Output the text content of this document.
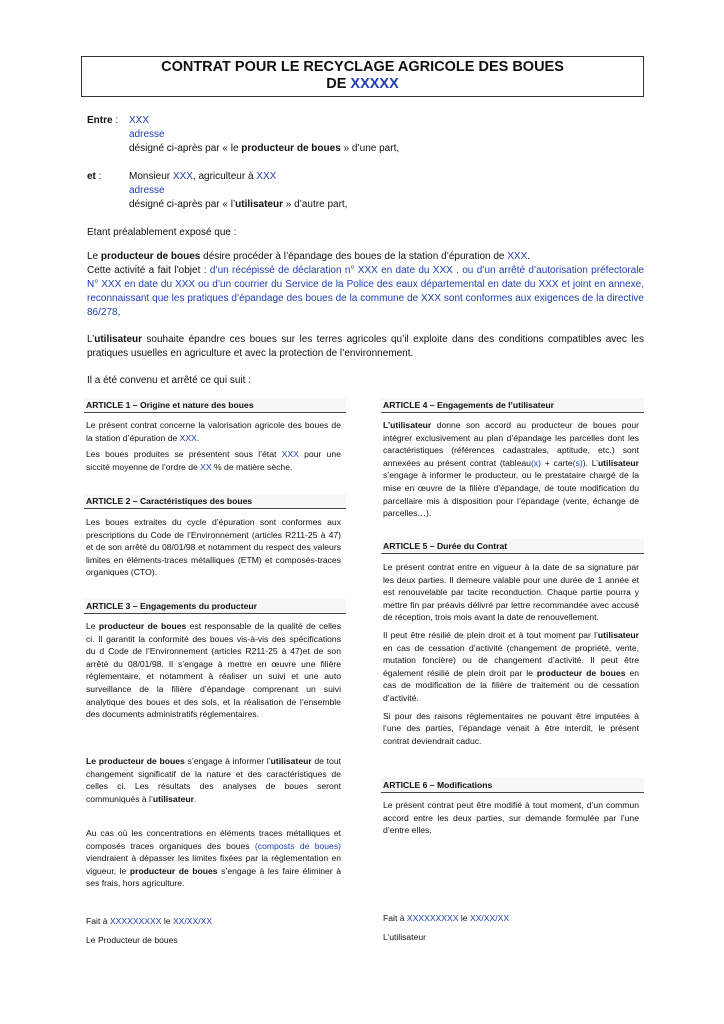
CONTRAT POUR LE RECYCLAGE AGRICOLE DES BOUES
DE XXXXX
Entre : XXX
adresse
désigné ci-après par « le producteur de boues » d’une part,
et :	Monsieur XXX, agriculteur à XXX
adresse
désigné ci-après par « l’utilisateur » d’autre part,
Etant préalablement exposé que :

Le producteur de boues désire procéder à l’épandage des boues de la station d’épuration de XXX.

Cette activité a fait l’objet : d’un récépissé de déclaration n° XXX en date du XXX . ou d’un arrêté d’autorisation préfectorale N° XXX en date du XXX ou d’un courrier du Service de la Police des eaux départemental en date du XXX et joint en annexe, reconnaissant que les pratiques d’épandage des boues de la commune de XXX sont conformes aux exigences de la directive 86/278,

L’utilisateur souhaite épandre ces boues sur les terres agricoles qu’il exploite dans des conditions compatibles avec les pratiques usuelles en agriculture et avec la protection de l’environnement.

Il a été convenu et arrêté ce qui suit :
ARTICLE 1 – Origine et nature des boues

Le présent contrat concerne la valorisation agricole des boues de la station d’épuration de XXX.

Les boues produites se présentent sous l’état XXX pour une siccité moyenne de l’ordre de XX % de matière sèche.

ARTICLE 2 – Caractéristiques des boues
Les boues extraites du cycle d’épuration sont conformes aux prescriptions du Code de l’Environnement (articles R211-25 à 47) et de son arrêté du 08/01/98 et notamment du respect des valeurs limites en éléments-traces métalliques (ETM) et composés-traces organiques (CTO).
ARTICLE 3 – Engagements du producteur

Le producteur de boues est responsable de la qualité de celles ci. Il garantit la conformité des boues vis-à-vis des spécifications du d Code de l’Environnement (articles R211-25 à 47)et de son arrêté du 08/01/98. Il s’engage à mettre en œuvre une filière réglementaire, et notamment à réaliser un suivi et une auto surveillance de la filière d’épandage comprenant un suivi analytique des boues et des sols, et la réalisation de l’ensemble des documents administratifs réglementaires.

Le producteur de boues s’engage à informer l’utilisateur de tout changement significatif de la nature et des caractéristiques de celles ci. Les résultats des analyses de boues seront communiqués à l’utilisateur.

Au cas où les concentrations en éléments traces métalliques et composés traces organiques des boues (composts de boues) viendraient à dépasser les limites fixées par la réglementation en vigueur, le producteur de boues s’engage à les faire éliminer à ses frais, hors agriculture.

Fait à XXXXXXXXX le XX/XX/XX

Le Producteur de boues

ARTICLE 4 – Engagements de l’utilisateur

L’utilisateur donne son accord au producteur de boues pour intégrer exclusivement au plan d’épandage les parcelles dont les caractéristiques (références cadastrales, aptitude, etc.) sont annexées au présent contrat (tableau(x) + carte(s)). L’utilisateur s’engage à informer le producteur, ou le prestataire chargé de la mise en œuvre de la filière d’épandage, de toute modification du parcellaire mis à disposition pour l’épandage (vente, échange de parcelles…).

ARTICLE 5 – Durée du Contrat

Le présent contrat entre en vigueur à la date de sa signature par les deux parties. Il demeure valable pour une durée de 1 année et est renouvelable par tacite reconduction. Chaque partie pourra y mettre fin par préavis délivré par lettre recommandée avec accusé de réception, trois mois avant la date de renouvellement.

Il peut être résilié de plein droit et à tout moment par l’utilisateur en cas de cessation d’activité (changement de propriété, vente, mutation foncière) ou de changement d’activité. Il peut être également résilié de plein droit par le producteur de boues en cas de modification de la filière de traitement ou de cessation d’activité.

Si pour des raisons réglementaires ne pouvant être imputées à l’une des parties, l’épandage venait à être interdit, le présent contrat deviendrait caduc.

ARTICLE 6 – Modifications
Le présent contrat peut être modifié à tout moment, d’un commun accord entre les deux parties, sur demande formulée par l’une d’entre elles.

Fait à XXXXXXXXX le XX/XX/XX

L’utilisateur
